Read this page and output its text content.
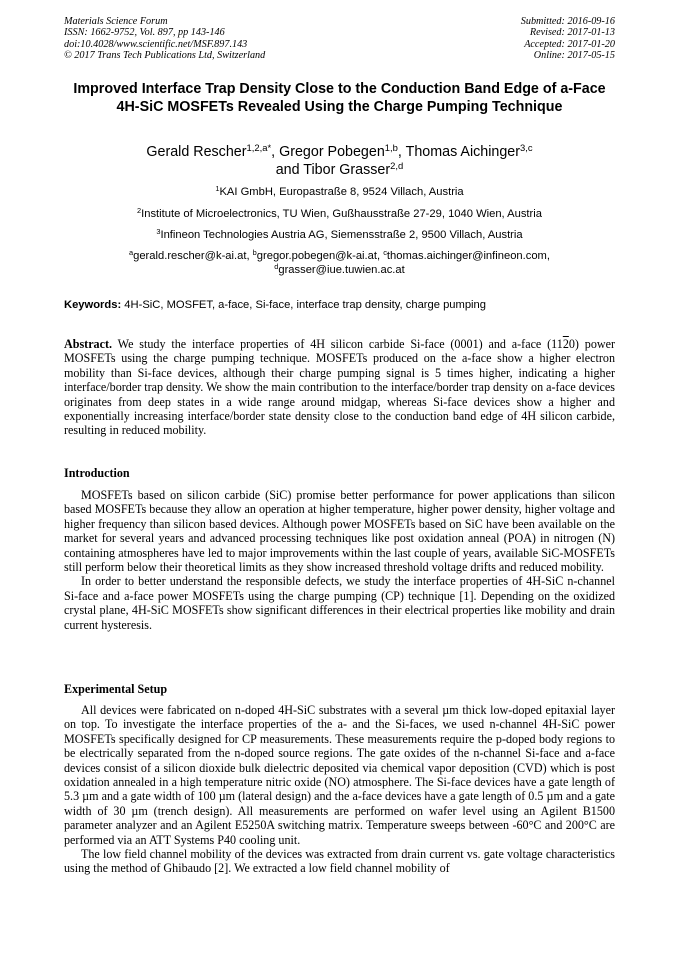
Materials Science Forum
ISSN: 1662-9752, Vol. 897, pp 143-146
doi:10.4028/www.scientific.net/MSF.897.143
© 2017 Trans Tech Publications Ltd, Switzerland
Submitted: 2016-09-16
Revised: 2017-01-13
Accepted: 2017-01-20
Online: 2017-05-15
Improved Interface Trap Density Close to the Conduction Band Edge of a-Face 4H-SiC MOSFETs Revealed Using the Charge Pumping Technique
Gerald Rescher$^{1,2,a*}$, Gregor Pobegen$^{1,b}$, Thomas Aichinger$^{3,c}$
and Tibor Grasser$^{2,d}$
$^1$KAI GmbH, Europastraße 8, 9524 Villach, Austria
$^2$Institute of Microelectronics, TU Wien, Gußhausstraße 27-29, 1040 Wien, Austria
$^3$Infineon Technologies Austria AG, Siemensstraße 2, 9500 Villach, Austria
$^a$gerald.rescher@k-ai.at, $^b$gregor.pobegen@k-ai.at, $^c$thomas.aichinger@infineon.com,
$^d$grasser@iue.tuwien.ac.at
Keywords: 4H-SiC, MOSFET, a-face, Si-face, interface trap density, charge pumping

Abstract. We study the interface properties of 4H silicon carbide Si-face (0001) and a-face (1120) power MOSFETs using the charge pumping technique. MOSFETs produced on the a-face show a higher electron mobility than Si-face devices, although their charge pumping signal is 5 times higher, indicating a higher interface/border trap density. We show the main contribution to the interface/border trap density on a-face devices originates from deep states in a wide range around midgap, whereas Si-face devices show a higher and exponentially increasing interface/border state density close to the conduction band edge of 4H silicon carbide, resulting in reduced mobility.

Introduction

MOSFETs based on silicon carbide (SiC) promise better performance for power applications than silicon based MOSFETs because they allow an operation at higher temperature, higher power density, higher voltage and higher frequency than silicon based devices. Although power MOSFETs based on SiC have been available on the market for several years and advanced processing techniques like post oxidation anneal (POA) in nitrogen (N) containing atmospheres have led to major improvements within the last couple of years, available SiC-MOSFETs still perform below their theoretical limits as they show increased threshold voltage drifts and reduced mobility.

In order to better understand the responsible defects, we study the interface properties of 4H-SiC n-channel Si-face and a-face power MOSFETs using the charge pumping (CP) technique [1]. Depending on the oxidized crystal plane, 4H-SiC MOSFETs show significant differences in their electrical properties like mobility and drain current hysteresis.

Experimental Setup

All devices were fabricated on n-doped 4H-SiC substrates with a several µm thick low-doped epitaxial layer on top. To investigate the interface properties of the a- and the Si-faces, we used n-channel 4H-SiC power MOSFETs specifically designed for CP measurements. These measurements require the p-doped body regions to be electrically separated from the n-doped source regions. The gate oxides of the n-channel Si-face and a-face devices consist of a silicon dioxide bulk dielectric deposited via chemical vapor deposition (CVD) which is post oxidation annealed in a high temperature nitric oxide (NO) atmosphere. The Si-face devices have a gate length of 5.3 µm and a gate width of 100 µm (lateral design) and the a-face devices have a gate length of 0.5 µm and a gate width of 30 µm (trench design). All measurements are performed on wafer level using an Agilent B1500 parameter analyzer and an Agilent E5250A switching matrix. Temperature sweeps between -60°C and 200°C are performed via an ATT Systems P40 cooling unit.

The low field channel mobility of the devices was extracted from drain current vs. gate voltage characteristics using the method of Ghibaudo [2]. We extracted a low field channel mobility of
